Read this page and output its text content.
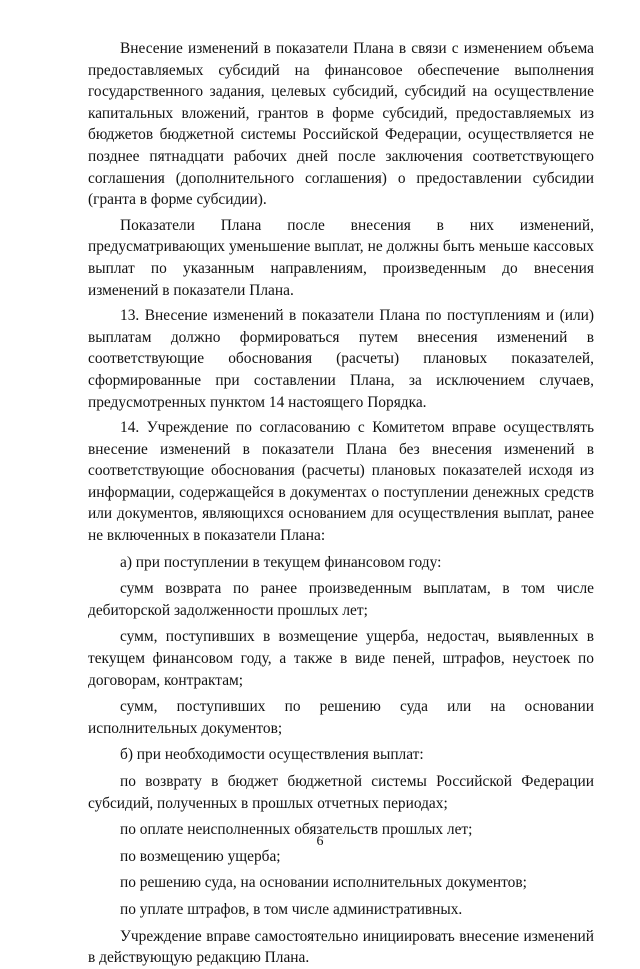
Внесение изменений в показатели Плана в связи с изменением объема предоставляемых субсидий на финансовое обеспечение выполнения государственного задания, целевых субсидий, субсидий на осуществление капитальных вложений, грантов в форме субсидий, предоставляемых из бюджетов бюджетной системы Российской Федерации, осуществляется не позднее пятнадцати рабочих дней после заключения соответствующего соглашения (дополнительного соглашения) о предоставлении субсидии (гранта в форме субсидии).

Показатели Плана после внесения в них изменений, предусматривающих уменьшение выплат, не должны быть меньше кассовых выплат по указанным направлениям, произведенным до внесения изменений в показатели Плана.

13. Внесение изменений в показатели Плана по поступлениям и (или) выплатам должно формироваться путем внесения изменений в соответствующие обоснования (расчеты) плановых показателей, сформированные при составлении Плана, за исключением случаев, предусмотренных пунктом 14 настоящего Порядка.

14. Учреждение по согласованию с Комитетом вправе осуществлять внесение изменений в показатели Плана без внесения изменений в соответствующие обоснования (расчеты) плановых показателей исходя из информации, содержащейся в документах о поступлении денежных средств или документов, являющихся основанием для осуществления выплат, ранее не включенных в показатели Плана:

а) при поступлении в текущем финансовом году:

сумм возврата по ранее произведенным выплатам, в том числе дебиторской задолженности прошлых лет;

сумм, поступивших в возмещение ущерба, недостач, выявленных в текущем финансовом году, а также в виде пеней, штрафов, неустоек по договорам, контрактам;

сумм, поступивших по решению суда или на основании исполнительных документов;

б) при необходимости осуществления выплат:

по возврату в бюджет бюджетной системы Российской Федерации субсидий, полученных в прошлых отчетных периодах;

по оплате неисполненных обязательств прошлых лет;

по возмещению ущерба;

по решению суда, на основании исполнительных документов;

по уплате штрафов, в том числе административных.

Учреждение вправе самостоятельно инициировать внесение изменений в действующую редакцию Плана.

6
